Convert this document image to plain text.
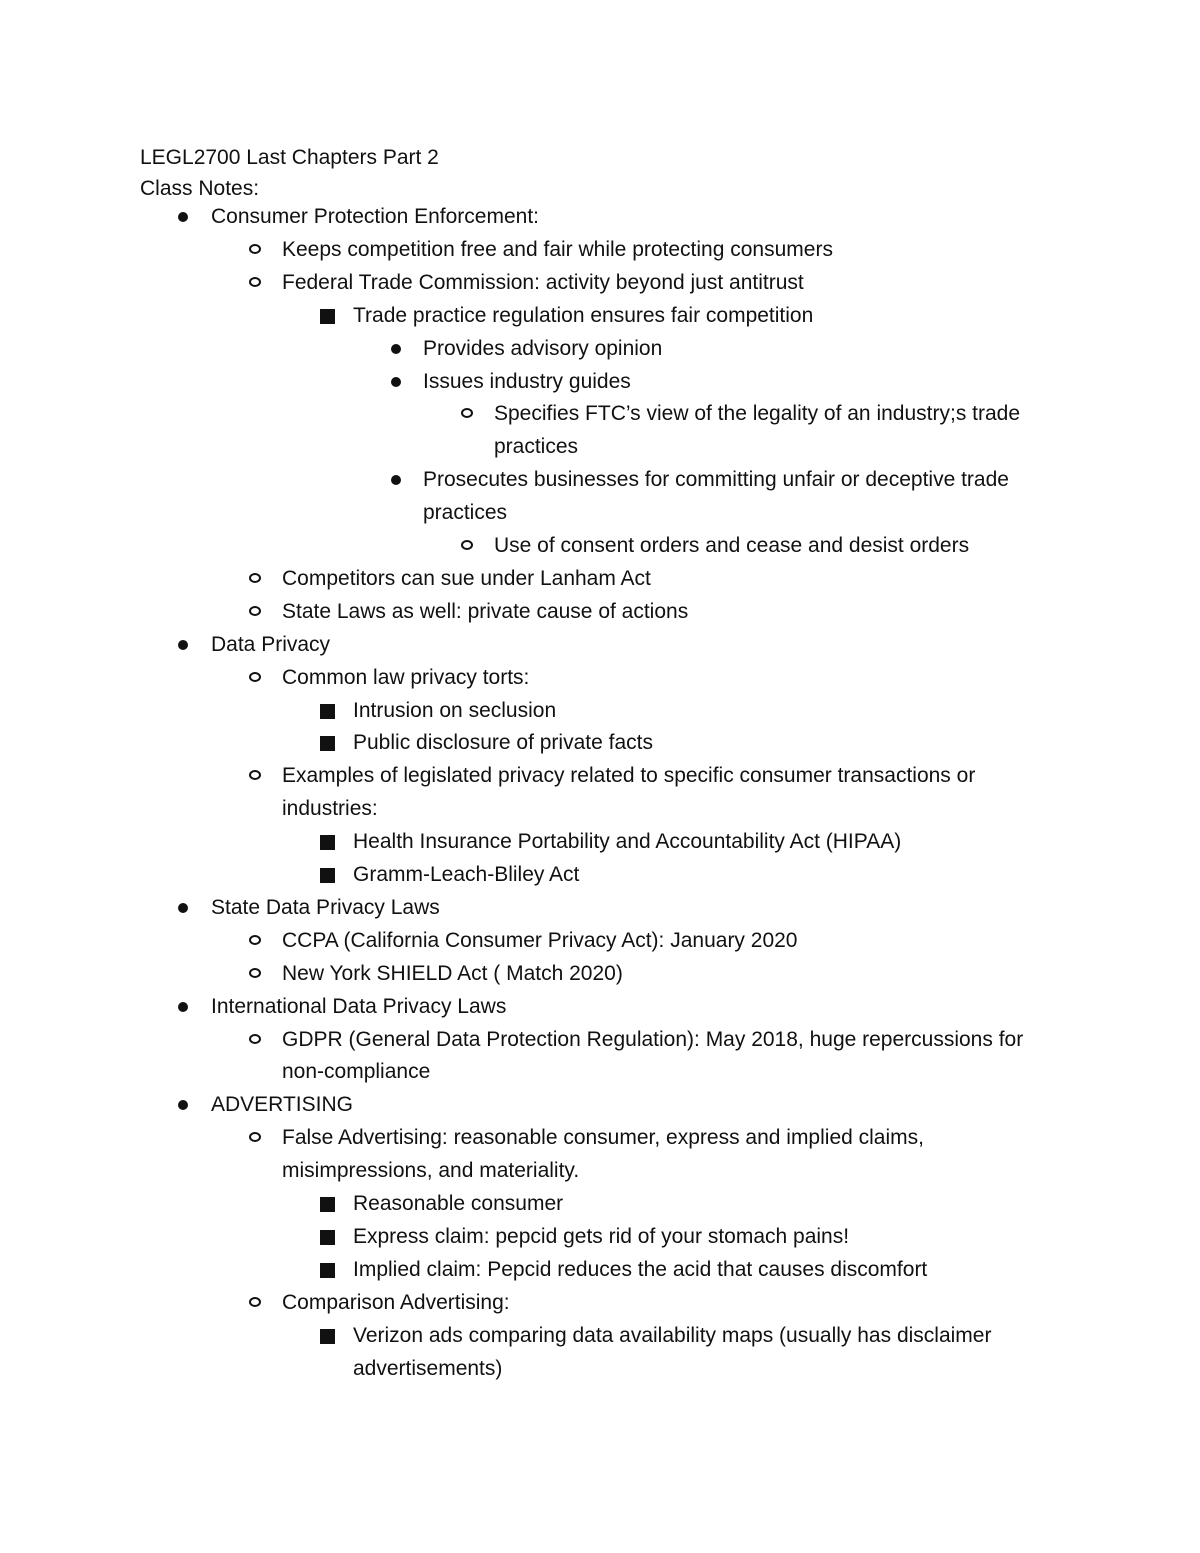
LEGL2700 Last Chapters Part 2
Class Notes:
Consumer Protection Enforcement:
Keeps competition free and fair while protecting consumers
Federal Trade Commission: activity beyond just antitrust
Trade practice regulation ensures fair competition
Provides advisory opinion
Issues industry guides
Specifies FTC’s view of the legality of an industry;s trade
practices
Prosecutes businesses for committing unfair or deceptive trade
practices
Use of consent orders and cease and desist orders
Competitors can sue under Lanham Act
State Laws as well: private cause of actions
Data Privacy
Common law privacy torts:
Intrusion on seclusion
Public disclosure of private facts
Examples of legislated privacy related to specific consumer transactions or
industries:
Health Insurance Portability and Accountability Act (HIPAA)
Gramm-Leach-Bliley Act
State Data Privacy Laws
CCPA (California Consumer Privacy Act): January 2020
New York SHIELD Act ( Match 2020)
International Data Privacy Laws
GDPR (General Data Protection Regulation): May 2018, huge repercussions for
non-compliance
ADVERTISING
False Advertising: reasonable consumer, express and implied claims,
misimpressions, and materiality.
Reasonable consumer
Express claim: pepcid gets rid of your stomach pains!
Implied claim: Pepcid reduces the acid that causes discomfort
Comparison Advertising:
Verizon ads comparing data availability maps (usually has disclaimer
advertisements)
